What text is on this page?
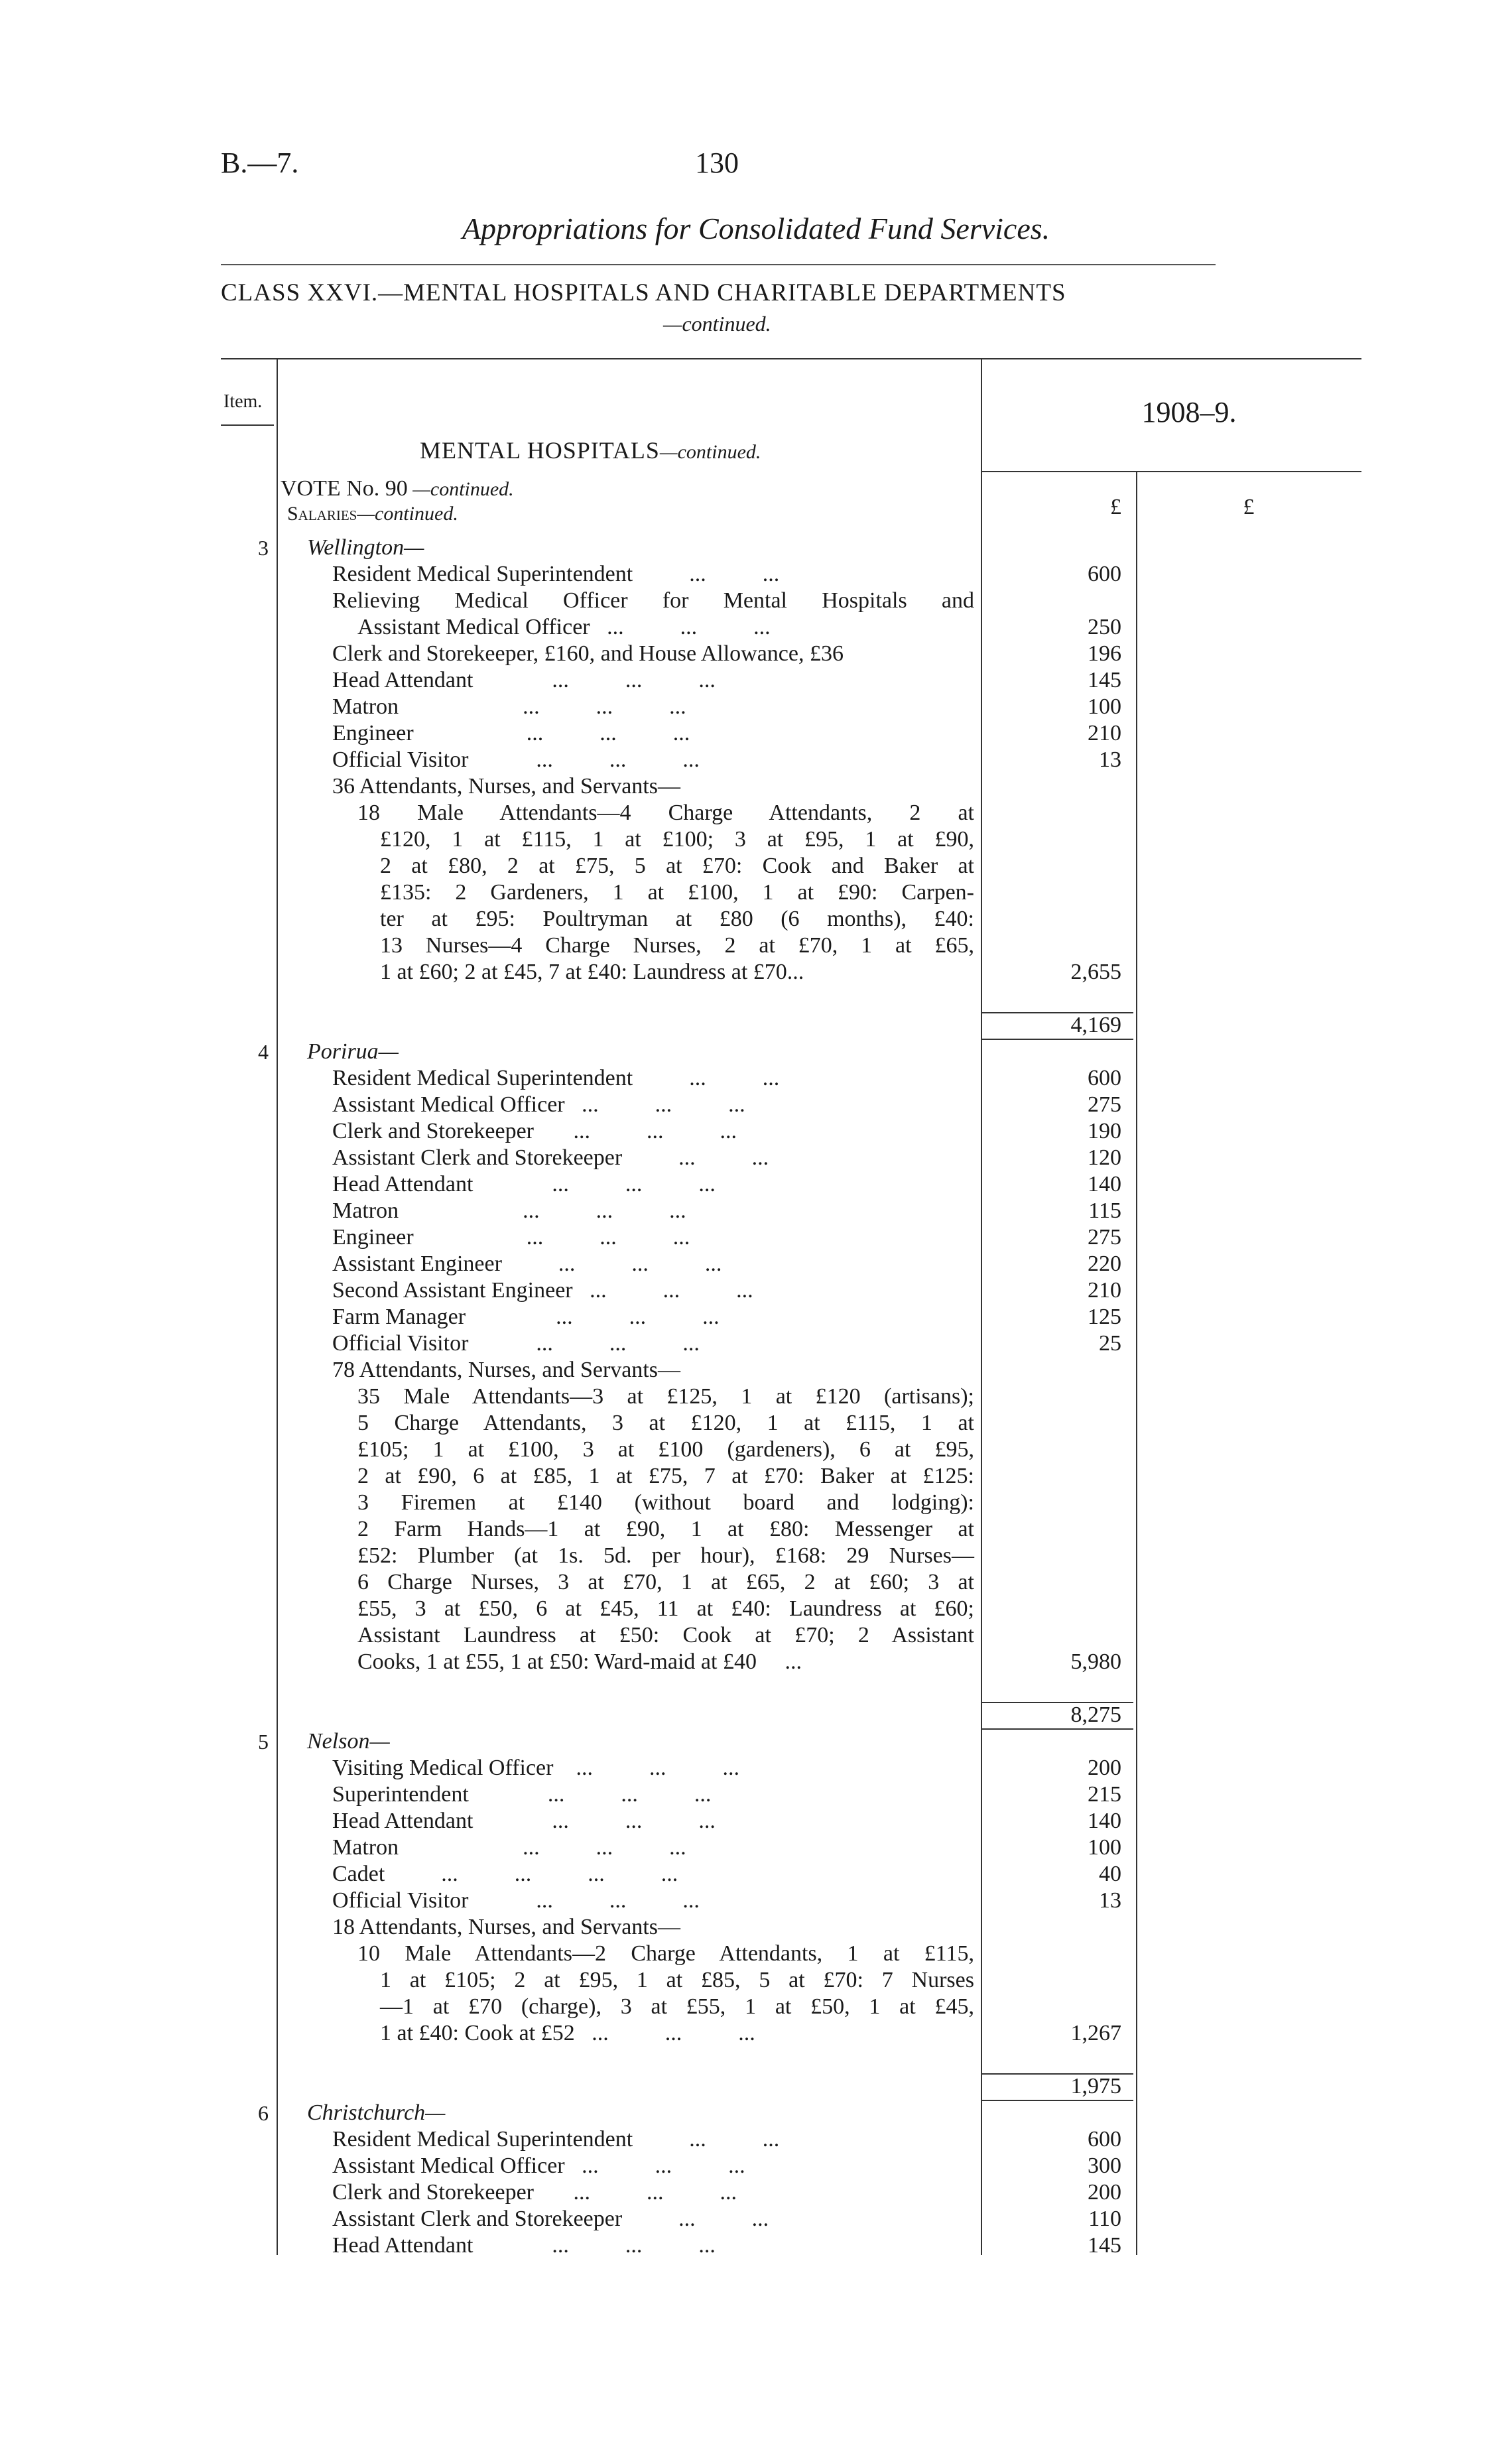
B.—7.	130
Appropriations for Consolidated Fund Services.
CLASS XXVI.—MENTAL HOSPITALS AND CHARITABLE DEPARTMENTS
—continued.
Item.	1908–9.
MENTAL HOSPITALS—continued.
VOTE No. 90 —continued.
Salaries—continued.	£	£
3	Wellington—
Resident Medical Superintendent          ...          ...	600
Relieving Medical Officer for Mental Hospitals and
Assistant Medical Officer   ...          ...          ...	250
Clerk and Storekeeper, £160, and House Allowance, £36	196
Head Attendant              ...          ...          ...	145
Matron                      ...          ...          ...	100
Engineer                    ...          ...          ...	210
Official Visitor            ...          ...          ...	13
36 Attendants, Nurses, and Servants—
18 Male Attendants—4 Charge Attendants, 2 at
£120, 1 at £115, 1 at £100; 3 at £95, 1 at £90,
2 at £80, 2 at £75, 5 at £70: Cook and Baker at
£135: 2 Gardeners, 1 at £100, 1 at £90: Carpen-
ter at £95: Poultryman at £80 (6 months), £40:
13 Nurses—4 Charge Nurses, 2 at £70, 1 at £65,
1 at £60; 2 at £45, 7 at £40: Laundress at £70...	2,655
4,169
4	Porirua—
Resident Medical Superintendent          ...          ...	600
Assistant Medical Officer   ...          ...          ...	275
Clerk and Storekeeper       ...          ...          ...	190
Assistant Clerk and Storekeeper          ...          ...	120
Head Attendant              ...          ...          ...	140
Matron                      ...          ...          ...	115
Engineer                    ...          ...          ...	275
Assistant Engineer          ...          ...          ...	220
Second Assistant Engineer   ...          ...          ...	210
Farm Manager                ...          ...          ...	125
Official Visitor            ...          ...          ...	25
78 Attendants, Nurses, and Servants—
35 Male Attendants—3 at £125, 1 at £120 (artisans);
5 Charge Attendants, 3 at £120, 1 at £115, 1 at
£105; 1 at £100, 3 at £100 (gardeners), 6 at £95,
2 at £90, 6 at £85, 1 at £75, 7 at £70: Baker at £125:
3 Firemen at £140 (without board and lodging):
2 Farm Hands—1 at £90, 1 at £80: Messenger at
£52: Plumber (at 1s. 5d. per hour), £168: 29 Nurses—
6 Charge Nurses, 3 at £70, 1 at £65, 2 at £60; 3 at
£55, 3 at £50, 6 at £45, 11 at £40: Laundress at £60;
Assistant Laundress at £50: Cook at £70; 2 Assistant
Cooks, 1 at £55, 1 at £50: Ward-maid at £40     ...	5,980
8,275
5	Nelson—
Visiting Medical Officer    ...          ...          ...	200
Superintendent              ...          ...          ...	215
Head Attendant              ...          ...          ...	140
Matron                      ...          ...          ...	100
Cadet          ...          ...          ...          ...	40
Official Visitor            ...          ...          ...	13
18 Attendants, Nurses, and Servants—
10 Male Attendants—2 Charge Attendants, 1 at £115,
1 at £105; 2 at £95, 1 at £85, 5 at £70: 7 Nurses
—1 at £70 (charge), 3 at £55, 1 at £50, 1 at £45,
1 at £40: Cook at £52   ...          ...          ...	1,267
1,975
6	Christchurch—
Resident Medical Superintendent          ...          ...	600
Assistant Medical Officer   ...          ...          ...	300
Clerk and Storekeeper       ...          ...          ...	200
Assistant Clerk and Storekeeper          ...          ...	110
Head Attendant              ...          ...          ...	145
